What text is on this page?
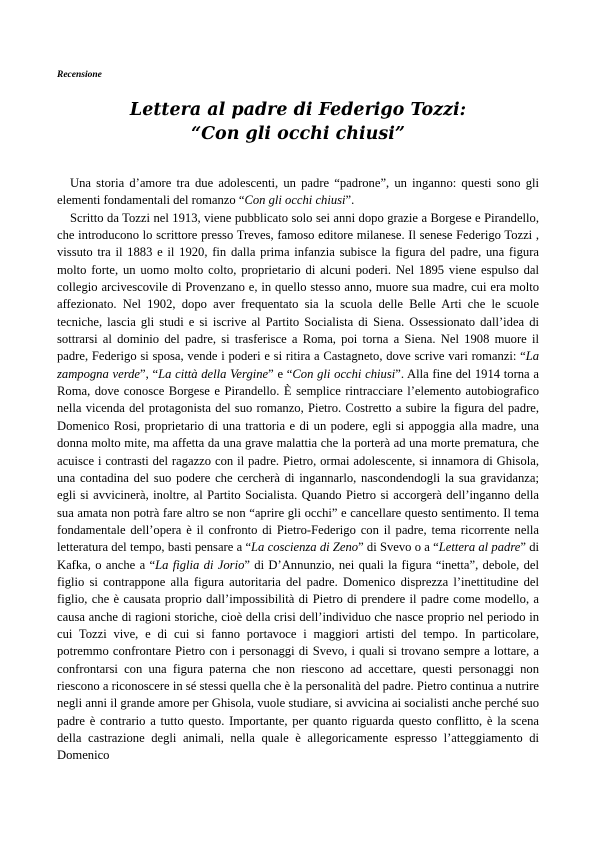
Recensione
Lettera al padre di Federigo Tozzi:
“Con gli occhi chiusi”

Una storia d’amore tra due adolescenti, un padre “padrone”, un inganno: questi sono gli elementi fondamentali del romanzo “Con gli occhi chiusi”.

Scritto da Tozzi nel 1913, viene pubblicato solo sei anni dopo grazie a Borgese e Pirandello, che introducono lo scrittore presso Treves, famoso editore milanese. Il senese Federigo Tozzi , vissuto tra il 1883 e il 1920, fin dalla prima infanzia subisce la figura del padre, una figura molto forte, un uomo molto colto, proprietario di alcuni poderi. Nel 1895 viene espulso dal collegio arcivescovile di Provenzano e, in quello stesso anno, muore sua madre, cui era molto affezionato. Nel 1902, dopo aver frequentato sia la scuola delle Belle Arti che le scuole tecniche, lascia gli studi e si iscrive al Partito Socialista di Siena. Ossessionato dall’idea di sottrarsi al dominio del padre, si trasferisce a Roma, poi torna a Siena. Nel 1908 muore il padre, Federigo si sposa, vende i poderi e si ritira a Castagneto, dove scrive vari romanzi: “La zampogna verde”, “La città della Vergine” e “Con gli occhi chiusi”. Alla fine del 1914 torna a Roma, dove conosce Borgese e Pirandello. È semplice rintracciare l’elemento autobiografico nella vicenda del protagonista del suo romanzo, Pietro. Costretto a subire la figura del padre, Domenico Rosi, proprietario di una trattoria e di un podere, egli si appoggia alla madre, una donna molto mite, ma affetta da una grave malattia che la porterà ad una morte prematura, che acuisce i contrasti del ragazzo con il padre. Pietro, ormai adolescente, si innamora di Ghisola, una contadina del suo podere che cercherà di ingannarlo, nascondendogli la sua gravidanza; egli si avvicinerà, inoltre, al Partito Socialista. Quando Pietro si accorgerà dell’inganno della sua amata non potrà fare altro se non “aprire gli occhi” e cancellare questo sentimento. Il tema fondamentale dell’opera è il confronto di Pietro-Federigo con il padre, tema ricorrente nella letteratura del tempo, basti pensare a “La coscienza di Zeno” di Svevo o a “Lettera al padre” di Kafka, o anche a “La figlia di Jorio” di D’Annunzio, nei quali la figura “inetta”, debole, del figlio si contrappone alla figura autoritaria del padre. Domenico disprezza l’inettitudine del figlio, che è causata proprio dall’impossibilità di Pietro di prendere il padre come modello, a causa anche di ragioni storiche, cioè della crisi dell’individuo che nasce proprio nel periodo in cui Tozzi vive, e di cui si fanno portavoce i maggiori artisti del tempo. In particolare, potremmo confrontare Pietro con i personaggi di Svevo, i quali si trovano sempre a lottare, a confrontarsi con una figura paterna che non riescono ad accettare, questi personaggi non riescono a riconoscere in sé stessi quella che è la personalità del padre. Pietro continua a nutrire negli anni il grande amore per Ghisola, vuole studiare, si avvicina ai socialisti anche perché suo padre è contrario a tutto questo. Importante, per quanto riguarda questo conflitto, è la scena della castrazione degli animali, nella quale è allegoricamente espresso l’atteggiamento di Domenico
